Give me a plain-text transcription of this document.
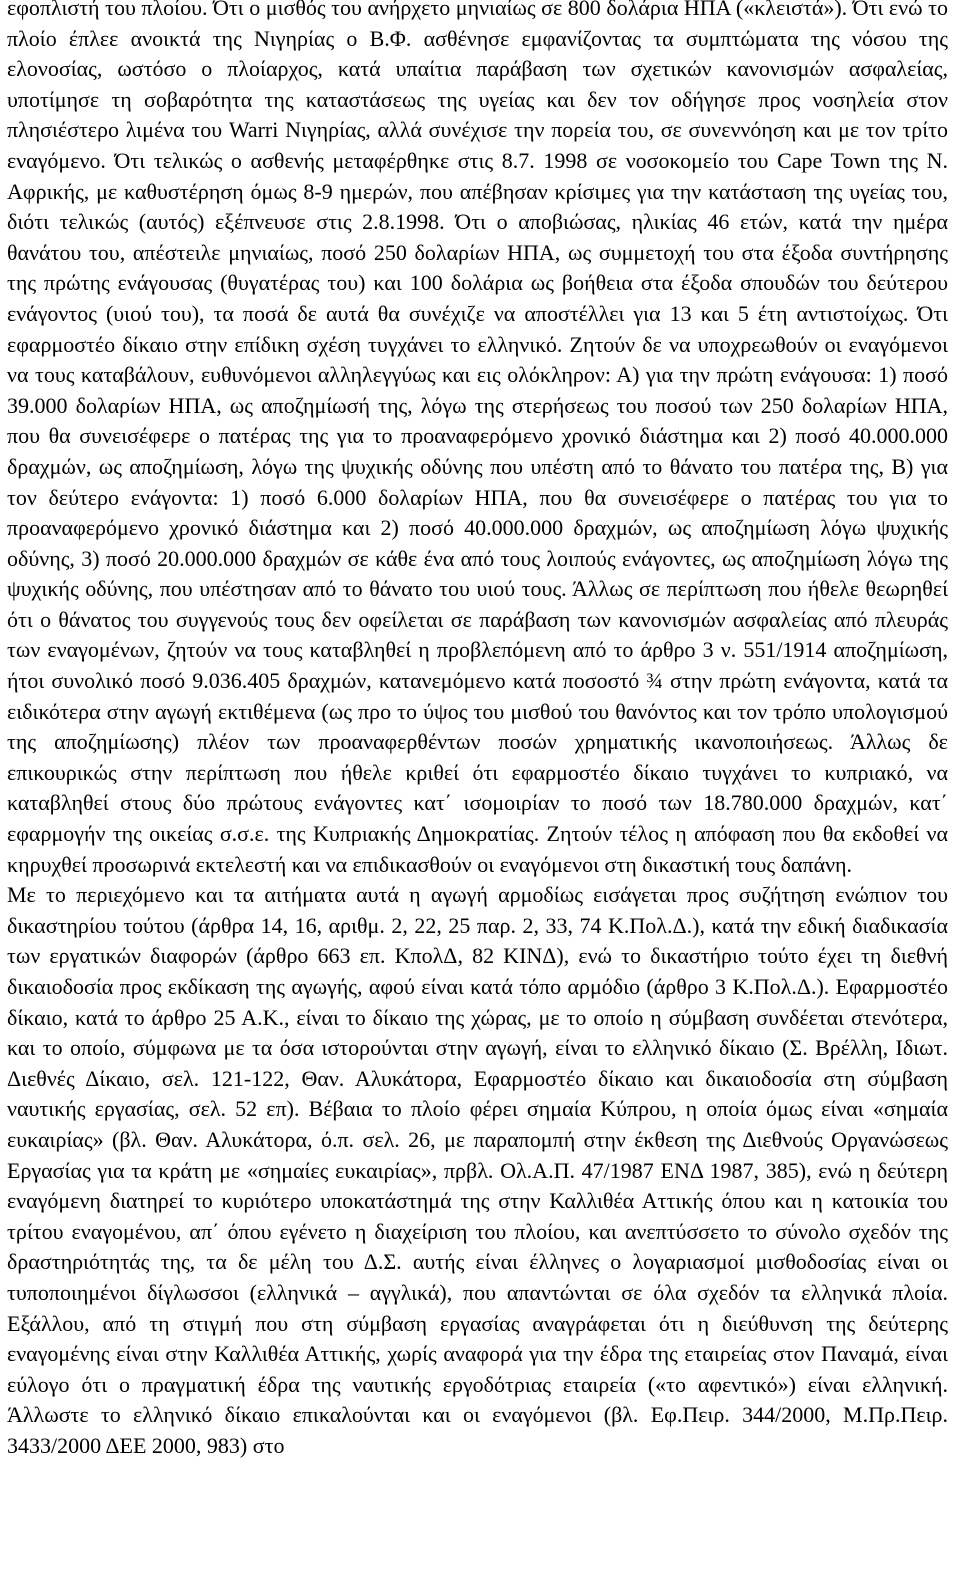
εφοπλιστή του πλοίου. Ότι ο μισθός του ανήρχετο μηνιαίως σε 800 δολάρια ΗΠΑ («κλειστά»). Ότι ενώ το πλοίο έπλεε ανοικτά της Νιγηρίας ο Β.Φ. ασθένησε εμφανίζοντας τα συμπτώματα της νόσου της ελονοσίας, ωστόσο ο πλοίαρχος, κατά υπαίτια παράβαση των σχετικών κανονισμών ασφαλείας, υποτίμησε τη σοβαρότητα της καταστάσεως της υγείας και δεν τον οδήγησε προς νοσηλεία στον πλησιέστερο λιμένα του Warri Νιγηρίας, αλλά συνέχισε την πορεία του, σε συνεννόηση και με τον τρίτο εναγόμενο. Ότι τελικώς ο ασθενής μεταφέρθηκε στις 8.7. 1998 σε νοσοκομείο του Cape Town της Ν. Αφρικής, με καθυστέρηση όμως 8-9 ημερών, που απέβησαν κρίσιμες για την κατάσταση της υγείας του, διότι τελικώς (αυτός) εξέπνευσε στις 2.8.1998. Ότι ο αποβιώσας, ηλικίας 46 ετών, κατά την ημέρα θανάτου του, απέστειλε μηνιαίως, ποσό 250 δολαρίων ΗΠΑ, ως συμμετοχή του στα έξοδα συντήρησης της πρώτης ενάγουσας (θυγατέρας του) και 100 δολάρια ως βοήθεια στα έξοδα σπουδών του δεύτερου ενάγοντος (υιού του), τα ποσά δε αυτά θα συνέχιζε να αποστέλλει για 13 και 5 έτη αντιστοίχως. Ότι εφαρμοστέο δίκαιο στην επίδικη σχέση τυγχάνει το ελληνικό. Ζητούν δε να υποχρεωθούν οι εναγόμενοι να τους καταβάλουν, ευθυνόμενοι αλληλεγγύως και εις ολόκληρον: Α) για την πρώτη ενάγουσα: 1) ποσό 39.000 δολαρίων ΗΠΑ, ως αποζημίωσή της, λόγω της στερήσεως του ποσού των 250 δολαρίων ΗΠΑ, που θα συνεισέφερε ο πατέρας της για το προαναφερόμενο χρονικό διάστημα και 2) ποσό 40.000.000 δραχμών, ως αποζημίωση, λόγω της ψυχικής οδύνης που υπέστη από το θάνατο του πατέρα της, Β) για τον δεύτερο ενάγοντα: 1) ποσό 6.000 δολαρίων ΗΠΑ, που θα συνεισέφερε ο πατέρας του για το προαναφερόμενο χρονικό διάστημα και 2) ποσό 40.000.000 δραχμών, ως αποζημίωση λόγω ψυχικής οδύνης, 3) ποσό 20.000.000 δραχμών σε κάθε ένα από τους λοιπούς ενάγοντες, ως αποζημίωση λόγω της ψυχικής οδύνης, που υπέστησαν από το θάνατο του υιού τους. Άλλως σε περίπτωση που ήθελε θεωρηθεί ότι ο θάνατος του συγγενούς τους δεν οφείλεται σε παράβαση των κανονισμών ασφαλείας από πλευράς των εναγομένων, ζητούν να τους καταβληθεί η προβλεπόμενη από το άρθρο 3 ν. 551/1914 αποζημίωση, ήτοι συνολικό ποσό 9.036.405 δραχμών, κατανεμόμενο κατά ποσοστό ¾ στην πρώτη ενάγοντα, κατά τα ειδικότερα στην αγωγή εκτιθέμενα (ως προ το ύψος του μισθού του θανόντος και τον τρόπο υπολογισμού της αποζημίωσης) πλέον των προαναφερθέντων ποσών χρηματικής ικανοποιήσεως. Άλλως δε επικουρικώς στην περίπτωση που ήθελε κριθεί ότι εφαρμοστέο δίκαιο τυγχάνει το κυπριακό, να καταβληθεί στους δύο πρώτους ενάγοντες κατ΄ ισομοιρίαν το ποσό των 18.780.000 δραχμών, κατ΄ εφαρμογήν της οικείας σ.σ.ε. της Κυπριακής Δημοκρατίας. Ζητούν τέλος η απόφαση που θα εκδοθεί να κηρυχθεί προσωρινά εκτελεστή και να επιδικασθούν οι εναγόμενοι στη δικαστική τους δαπάνη.

Με το περιεχόμενο και τα αιτήματα αυτά η αγωγή αρμοδίως εισάγεται προς συζήτηση ενώπιον του δικαστηρίου τούτου (άρθρα 14, 16, αριθμ. 2, 22, 25 παρ. 2, 33, 74 Κ.Πολ.Δ.), κατά την εδική διαδικασία των εργατικών διαφορών (άρθρο 663 επ. ΚπολΔ, 82 ΚΙΝΔ), ενώ το δικαστήριο τούτο έχει τη διεθνή δικαιοδοσία προς εκδίκαση της αγωγής, αφού είναι κατά τόπο αρμόδιο (άρθρο 3 Κ.Πολ.Δ.). Εφαρμοστέο δίκαιο, κατά το άρθρο 25 Α.Κ., είναι το δίκαιο της χώρας, με το οποίο η σύμβαση συνδέεται στενότερα, και το οποίο, σύμφωνα με τα όσα ιστορούνται στην αγωγή, είναι το ελληνικό δίκαιο (Σ. Βρέλλη, Ιδιωτ. Διεθνές Δίκαιο, σελ. 121-122, Θαν. Αλυκάτορα, Εφαρμοστέο δίκαιο και δικαιοδοσία στη σύμβαση ναυτικής εργασίας, σελ. 52 επ). Βέβαια το πλοίο φέρει σημαία Κύπρου, η οποία όμως είναι «σημαία ευκαιρίας» (βλ. Θαν. Αλυκάτορα, ό.π. σελ. 26, με παραπομπή στην έκθεση της Διεθνούς Οργανώσεως Εργασίας για τα κράτη με «σημαίες ευκαιρίας», πρβλ. Ολ.Α.Π. 47/1987 ΕΝΔ 1987, 385), ενώ η δεύτερη εναγόμενη διατηρεί το κυριότερο υποκατάστημά της στην Καλλιθέα Αττικής όπου και η κατοικία του τρίτου εναγομένου, απ΄ όπου εγένετο η διαχείριση του πλοίου, και ανεπτύσσετο το σύνολο σχεδόν της δραστηριότητάς της, τα δε μέλη του Δ.Σ. αυτής είναι έλληνες ο λογαριασμοί μισθοδοσίας είναι οι τυποποιημένοι δίγλωσσοι (ελληνικά – αγγλικά), που απαντώνται σε όλα σχεδόν τα ελληνικά πλοία. Εξάλλου, από τη στιγμή που στη σύμβαση εργασίας αναγράφεται ότι η διεύθυνση της δεύτερης εναγομένης είναι στην Καλλιθέα Αττικής, χωρίς αναφορά για την έδρα της εταιρείας στον Παναμά, είναι εύλογο ότι ο πραγματική έδρα της ναυτικής εργοδότριας εταιρεία («το αφεντικό») είναι ελληνική. Άλλωστε το ελληνικό δίκαιο επικαλούνται και οι εναγόμενοι (βλ. Εφ.Πειρ. 344/2000, Μ.Πρ.Πειρ. 3433/2000 ΔΕΕ 2000, 983) στο
